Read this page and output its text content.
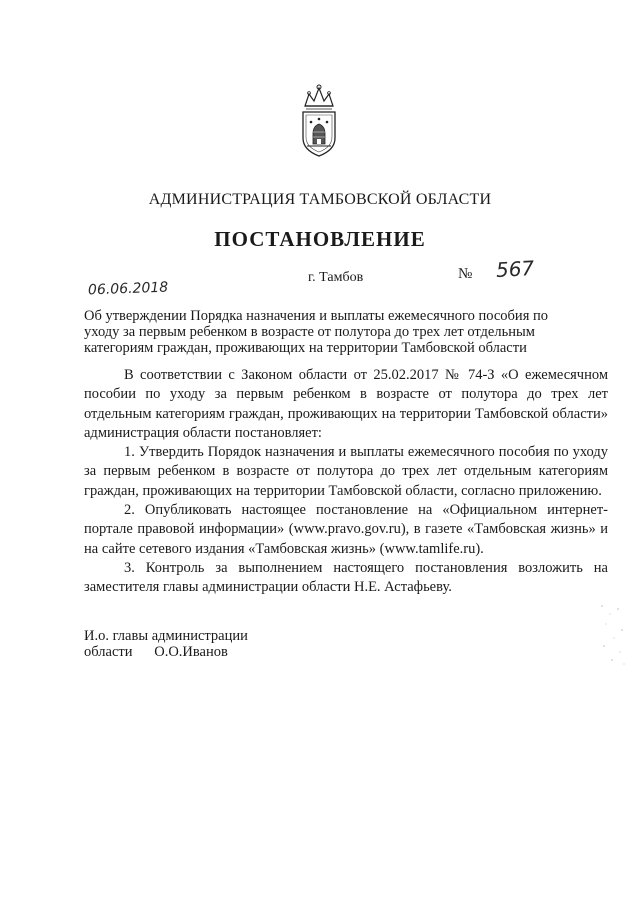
АДМИНИСТРАЦИЯ ТАМБОВСКОЙ ОБЛАСТИ
ПОСТАНОВЛЕНИЕ
06.06.2018
г. Тамбов	№ 567
Об утверждении Порядка назначения и выплаты ежемесячного пособия по
уходу за первым ребенком в возрасте от полутора до трех лет отдельным
категориям граждан, проживающих на территории Тамбовской области

В соответствии с Законом области от 25.02.2017 № 74-З «О ежемесячном пособии по уходу за первым ребенком в возрасте от полутора до трех лет отдельным категориям граждан, проживающих на территории Тамбовской области» администрация области постановляет:

1. Утвердить Порядок назначения и выплаты ежемесячного пособия по уходу за первым ребенком в возрасте от полутора до трех лет отдельным категориям граждан, проживающих на территории Тамбовской области, согласно приложению.

2. Опубликовать настоящее постановление на «Официальном интернет-портале правовой информации» (www.pravo.gov.ru), в газете «Тамбовская жизнь» и на сайте сетевого издания «Тамбовская жизнь» (www.tamlife.ru).

3. Контроль за выполнением настоящего постановления возложить на заместителя главы администрации области Н.Е. Астафьеву.

И.о. главы администрации
области О.О.Иванов
